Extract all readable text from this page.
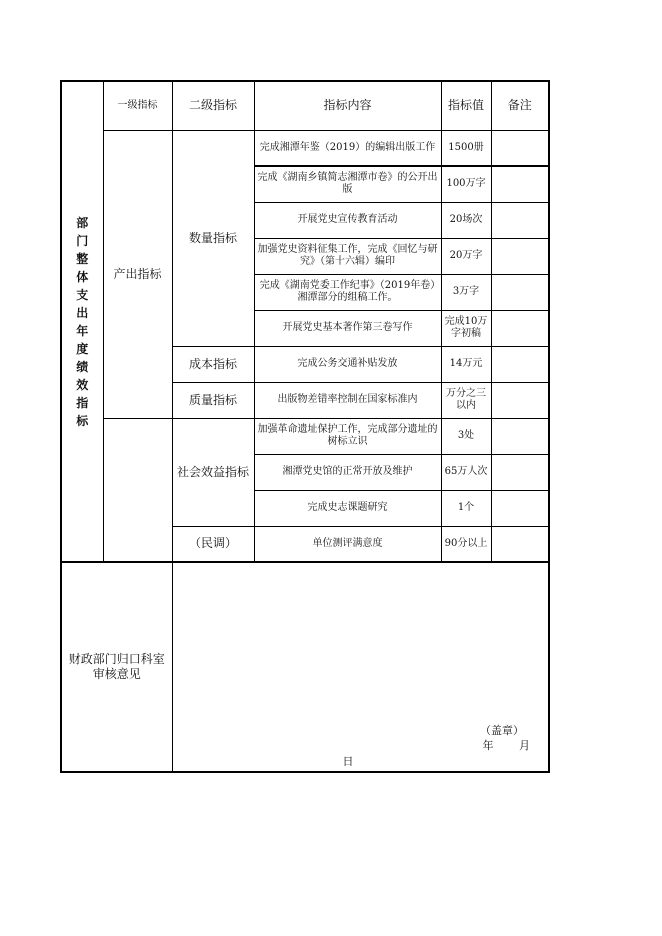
部门整体支出年度绩效指标	一级指标	二级指标	指标内容	指标值	备注
	产出指标	数量指标	完成湘潭年鉴（2019）的编辑出版工作	1500册	
			完成《湖南乡镇简志湘潭市卷》的公开出版	100万字	
			开展党史宣传教育活动	20场次	
			加强党史资料征集工作，完成《回忆与研究》（第十六辑）编印	20万字	
			完成《湖南党委工作纪事》（2019年卷）湘潭部分的组稿工作。	3万字	
			开展党史基本著作第三卷写作	完成10万字初稿	
		成本指标	完成公务交通补贴发放	14万元	
		质量指标	出版物差错率控制在国家标准内	万分之三以内	
		社会效益指标	加强革命遗址保护工作，完成部分遗址的树标立识	3处	
			湘潭党史馆的正常开放及维护	65万人次	
			完成史志课题研究	1个	
		（民调）	单位测评满意度	90分以上	
财政部门归口科室审核意见		（盖章）
年 月
日			
